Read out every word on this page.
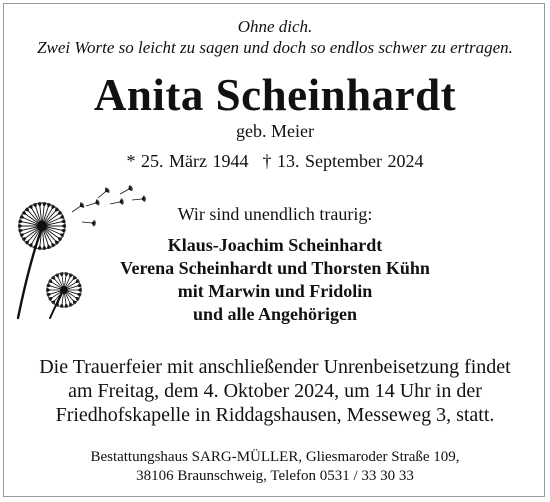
Ohne dich.
Zwei Worte so leicht zu sagen und doch so endlos schwer zu ertragen.
Anita Scheinhardt
geb. Meier
* 25. März 1944 † 13. September 2024
Wir sind unendlich traurig:
Klaus-Joachim Scheinhardt
Verena Scheinhardt und Thorsten Kühn
mit Marwin und Fridolin
und alle Angehörigen
Die Trauerfeier mit anschließender Unrenbeisetzung findet
am Freitag, dem 4. Oktober 2024, um 14 Uhr in der
Friedhofskapelle in Riddagshausen, Messeweg 3, statt.
Bestattungshaus SARG-MÜLLER, Gliesmaroder Straße 109,
38106 Braunschweig, Telefon 0531 / 33 30 33
